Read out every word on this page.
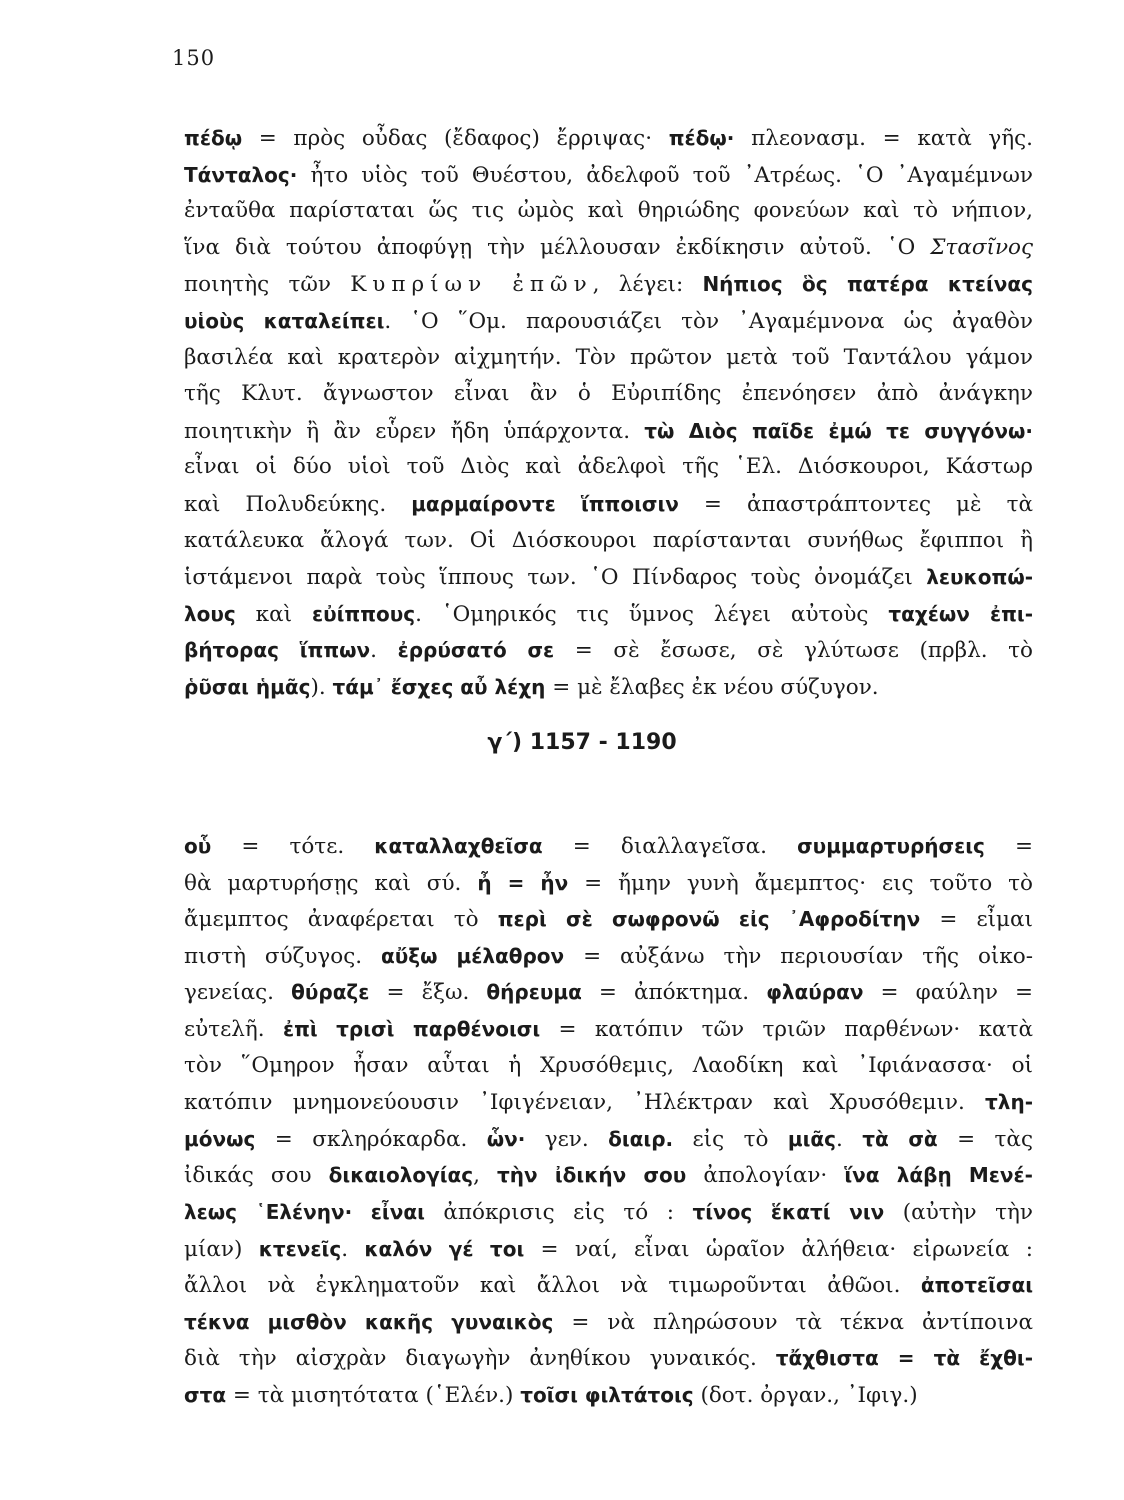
150
πέδῳ = πρὸς οὖδας (ἔδαφος) ἔρριψας· πέδῳ· πλεονασμ. = κατὰ γῆς.
Τάνταλος· ἦτο υἱὸς τοῦ Θυέστου, ἀδελφοῦ τοῦ ᾽Ατρέως. ῾Ο ᾽Αγαμέμνων
ἐνταῦθα παρίσταται ὥς τις ὠμὸς καὶ θηριώδης φονεύων καὶ τὸ νήπιον,
ἵνα διὰ τούτου ἀποφύγῃ τὴν μέλλουσαν ἐκδίκησιν αὐτοῦ. ῾Ο Στασῖνος
ποιητὴς τῶν Κυπρίων ἐπῶν, λέγει: Νήπιος ὃς πατέρα κτείνας
υἱοὺς καταλείπει. ῾Ο ῞Ομ. παρουσιάζει τὸν ᾽Αγαμέμνονα ὡς ἀγαθὸν
βασιλέα καὶ κρατερὸν αἰχμητήν. Τὸν πρῶτον μετὰ τοῦ Ταντάλου γάμον
τῆς Κλυτ. ἄγνωστον εἶναι ἂν ὁ Εὐριπίδης ἐπενόησεν ἀπὸ ἀνάγκην
ποιητικὴν ἢ ἂν εὗρεν ἤδη ὑπάρχοντα. τὼ Διὸς παῖδε ἐμώ τε συγγόνω·
εἶναι οἱ δύο υἱοὶ τοῦ Διὸς καὶ ἀδελφοὶ τῆς ῾Ελ. Διόσκουροι, Κάστωρ
καὶ Πολυδεύκης. μαρμαίροντε ἵπποισιν = ἀπαστράπτοντες μὲ τὰ
κατάλευκα ἄλογά των. Οἱ Διόσκουροι παρίστανται συνήθως ἔφιπποι ἢ
ἱστάμενοι παρὰ τοὺς ἵππους των. ῾Ο Πίνδαρος τοὺς ὀνομάζει λευκοπώ-
λους καὶ εὐίππους. ῾Ομηρικός τις ὕμνος λέγει αὐτοὺς ταχέων ἐπι-
βήτορας ἵππων. ἐρρύσατό σε = σὲ ἔσωσε, σὲ γλύτωσε (πρβλ. τὸ
ῥῦσαι ἡμᾶς). τάμ᾽ ἔσχες αὖ λέχη = μὲ ἔλαβες ἐκ νέου σύζυγον.
γ΄) 1157 - 1190
οὗ = τότε. καταλλαχθεῖσα = διαλλαγεῖσα. συμμαρτυρήσεις =
θὰ μαρτυρήσῃς καὶ σύ. ἦ = ἦν = ἤμην γυνὴ ἄμεμπτος· εις τοῦτο τὸ
ἄμεμπτος ἀναφέρεται τὸ περὶ σὲ σωφρονῶ εἰς ᾽Αφροδίτην = εἶμαι
πιστὴ σύζυγος. αὔξω μέλαθρον = αὐξάνω τὴν περιουσίαν τῆς οἰκο-
γενείας. θύραζε = ἔξω. θήρευμα = ἀπόκτημα. φλαύραν = φαύλην =
εὐτελῆ. ἐπὶ τρισὶ παρθένοισι = κατόπιν τῶν τριῶν παρθένων· κατὰ
τὸν ῞Ομηρον ἦσαν αὗται ἡ Χρυσόθεμις, Λαοδίκη καὶ ᾽Ιφιάνασσα· οἱ
κατόπιν μνημονεύουσιν ᾽Ιφιγένειαν, ᾽Ηλέκτραν καὶ Χρυσόθεμιν. τλη-
μόνως = σκληρόκαρδα. ὧν· γεν. διαιρ. εἰς τὸ μιᾶς. τὰ σὰ = τὰς
ἰδικάς σου δικαιολογίας, τὴν ἰδικήν σου ἀπολογίαν· ἵνα λάβῃ Μενέ-
λεως ῾Ελένην· εἶναι ἀπόκρισις εἰς τό : τίνος ἕκατί νιν (αὐτὴν τὴν
μίαν) κτενεῖς. καλόν γέ τοι = ναί, εἶναι ὡραῖον ἀλήθεια· εἰρωνεία :
ἄλλοι νὰ ἐγκληματοῦν καὶ ἄλλοι νὰ τιμωροῦνται ἀθῶοι. ἀποτεῖσαι
τέκνα μισθὸν κακῆς γυναικὸς = νὰ πληρώσουν τὰ τέκνα ἀντίποινα
διὰ τὴν αἰσχρὰν διαγωγὴν ἀνηθίκου γυναικός. τἄχθιστα = τὰ ἔχθι-
στα = τὰ μισητότατα (῾Ελέν.) τοῖσι φιλτάτοις (δοτ. ὀργαν., ᾽Ιφιγ.)
